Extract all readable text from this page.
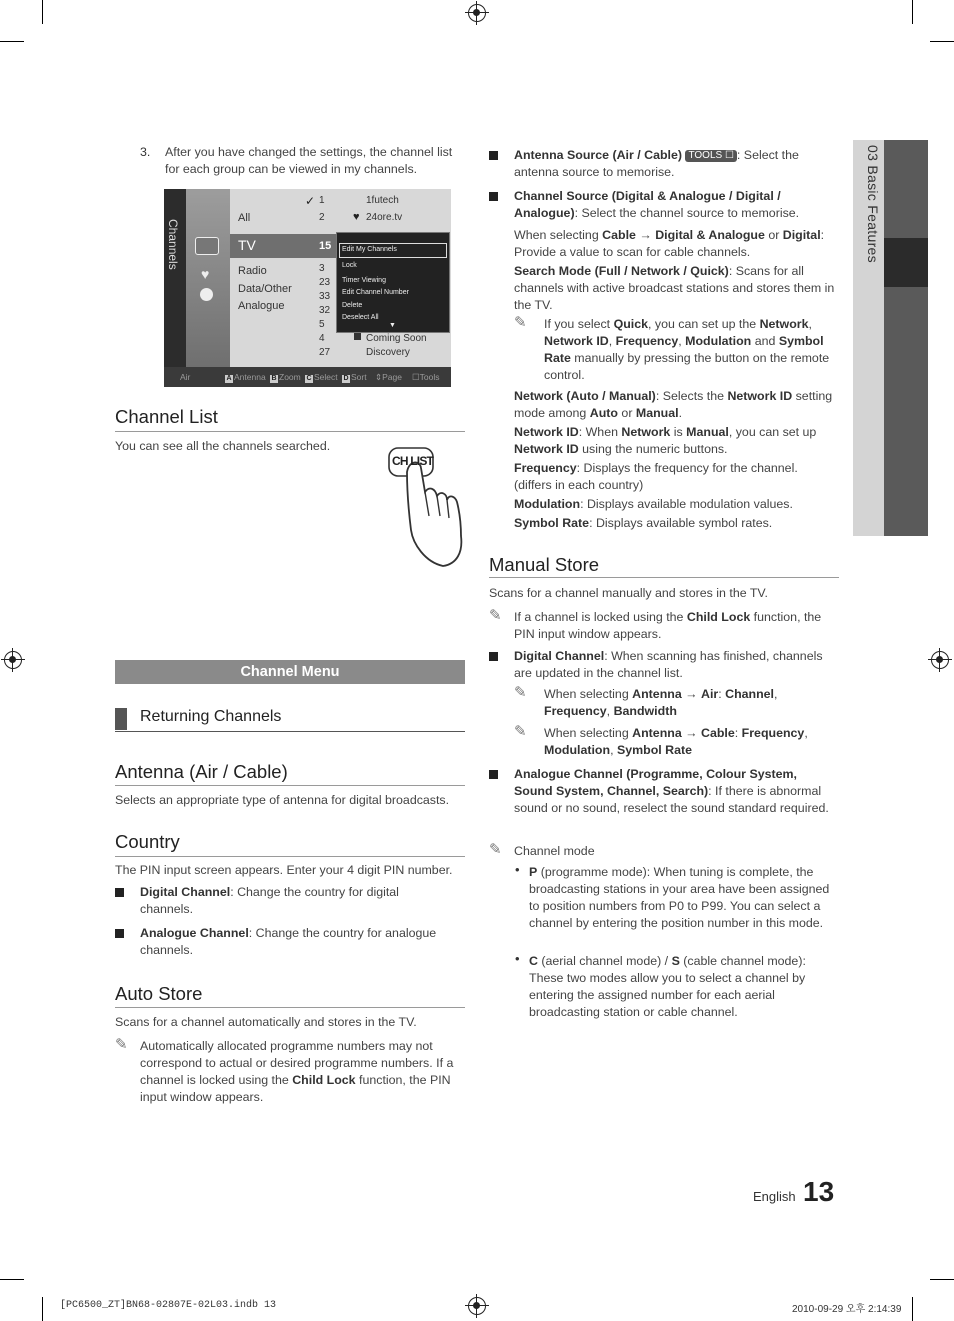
03 Basic Features
3. After you have changed the settings, the channel list for each group can be viewed in my channels.
Channels
♥
All
TV
Radio
Data/Other
Analogue
✓ 1
2
15
3
23
33
32
5
4
27
1futech
♥ 24ore.tv
Coming Soon
Discovery
Edit My Channels
Lock
Timer Viewing
Edit Channel Number
Delete
Deselect All
▼
Air	A Antenna B Zoom C Select D Sort ⇕Page ☐Tools
Channel List
You can see all the channels searched.
CH LIST
Channel Menu
Returning Channels
Antenna (Air / Cable)
Selects an appropriate type of antenna for digital broadcasts.
Country
The PIN input screen appears. Enter your 4 digit PIN number.
Digital Channel: Change the country for digital channels.
Analogue Channel: Change the country for analogue channels.
Auto Store
Scans for a channel automatically and stores in the TV.
✎ Automatically allocated programme numbers may not correspond to actual or desired programme numbers. If a channel is locked using the Child Lock function, the PIN input window appears.
Antenna Source (Air / Cable) TOOLS ☐ : Select the antenna source to memorise.
Channel Source (Digital & Analogue / Digital / Analogue): Select the channel source to memorise.
When selecting Cable → Digital & Analogue or Digital: Provide a value to scan for cable channels.
Search Mode (Full / Network / Quick): Scans for all channels with active broadcast stations and stores them in the TV.
✎ If you select Quick, you can set up the Network, Network ID, Frequency, Modulation and Symbol Rate manually by pressing the button on the remote control.
Network (Auto / Manual): Selects the Network ID setting mode among Auto or Manual.
Network ID: When Network is Manual, you can set up Network ID using the numeric buttons.
Frequency: Displays the frequency for the channel. (differs in each country)
Modulation: Displays available modulation values.
Symbol Rate: Displays available symbol rates.
Manual Store
Scans for a channel manually and stores in the TV.
✎ If a channel is locked using the Child Lock function, the PIN input window appears.
Digital Channel: When scanning has finished, channels are updated in the channel list.
✎ When selecting Antenna → Air: Channel, Frequency, Bandwidth
✎ When selecting Antenna → Cable: Frequency, Modulation, Symbol Rate
Analogue Channel (Programme, Colour System, Sound System, Channel, Search): If there is abnormal sound or no sound, reselect the sound standard required.
✎ Channel mode
• P (programme mode): When tuning is complete, the broadcasting stations in your area have been assigned to position numbers from P0 to P99. You can select a channel by entering the position number in this mode.
• C (aerial channel mode) / S (cable channel mode): These two modes allow you to select a channel by entering the assigned number for each aerial broadcasting station or cable channel.
English 13
[PC6500_ZT]BN68-02807E-02L03.indb 13	2010-09-29 오후 2:14:39
